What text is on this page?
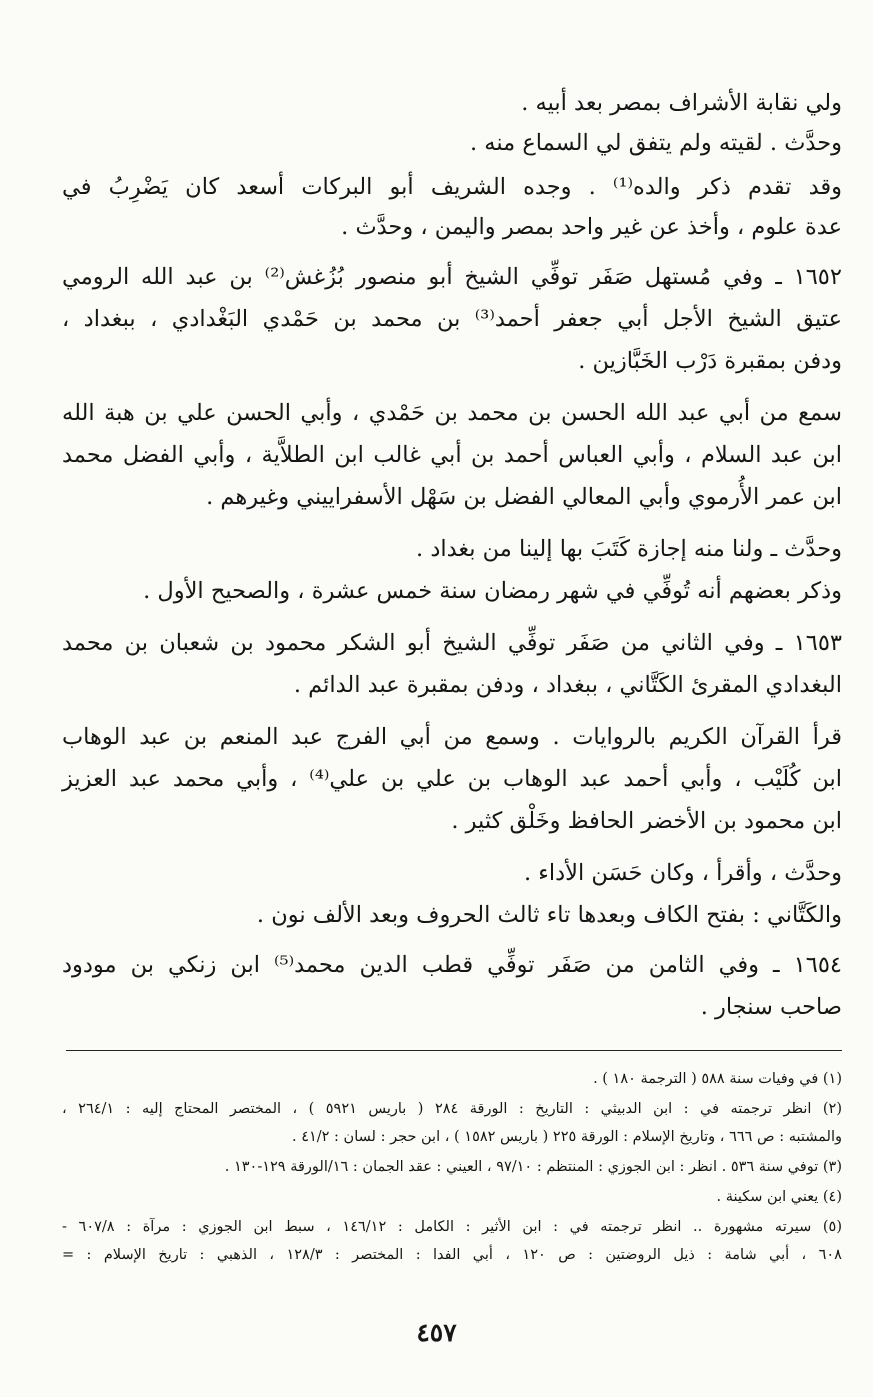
ولي نقابة الأشراف بمصر بعد أبيه .
وحدَّث . لقيته ولم يتفق لي السماع منه .
وقد تقدم ذكر والده⁽¹⁾ . وجده الشريف أبو البركات أسعد كان يَضْرِبُ في
عدة علوم ، وأخذ عن غير واحد بمصر واليمن ، وحدَّث .
١٦٥٢ ـ وفي مُستهل صَفَر توفِّي الشيخ أبو منصور بُزُغش⁽²⁾ بن عبد الله الرومي
عتيق الشيخ الأجل أبي جعفر أحمد⁽³⁾ بن محمد بن حَمْدي البَغْدادي ، ببغداد ،
ودفن بمقبرة دَرْب الخَبَّازين .
سمع من أبي عبد الله الحسن بن محمد بن حَمْدي ، وأبي الحسن علي بن هبة الله
ابن عبد السلام ، وأبي العباس أحمد بن أبي غالب ابن الطلاَّية ، وأبي الفضل محمد
ابن عمر الأُرموي وأبي المعالي الفضل بن سَهْل الأسفراييني وغيرهم .
وحدَّث ـ ولنا منه إجازة كَتَبَ بها إلينا من بغداد .
وذكر بعضهم أنه تُوفِّي في شهر رمضان سنة خمس عشرة ، والصحيح الأول .
١٦٥٣ ـ وفي الثاني من صَفَر توفِّي الشيخ أبو الشكر محمود بن شعبان بن محمد
البغدادي المقرئ الكَتَّاني ، ببغداد ، ودفن بمقبرة عبد الدائم .
قرأ القرآن الكريم بالروايات . وسمع من أبي الفرج عبد المنعم بن عبد الوهاب
ابن كُلَيْب ، وأبي أحمد عبد الوهاب بن علي بن علي⁽⁴⁾ ، وأبي محمد عبد العزيز
ابن محمود بن الأخضر الحافظ وخَلْق كثير .
وحدَّث ، وأقرأ ، وكان حَسَن الأداء .
والكَتَّاني : بفتح الكاف وبعدها تاء ثالث الحروف وبعد الألف نون .
١٦٥٤ ـ وفي الثامن من صَفَر توفِّي قطب الدين محمد⁽⁵⁾ ابن زنكي بن مودود
صاحب سنجار .
(١) في وفيات سنة ٥٨٨ ( الترجمة ١٨٠ ) .
(٢) انظر ترجمته في : ابن الدبيثي : التاريخ : الورقة ٢٨٤ ( باريس ٥٩٢١ ) ، المختصر المحتاج إليه : ٢٦٤/١ ،
والمشتبه : ص ٦٦٦ ، وتاريخ الإسلام : الورقة ٢٢٥ ( باريس ١٥٨٢ ) ، ابن حجر : لسان : ٤١/٢ .
(٣) توفي سنة ٥٣٦ . انظر : ابن الجوزي : المنتظم : ٩٧/١٠ ، العيني : عقد الجمان : ١٦/الورقة ١٢٩-١٣٠ .
(٤) يعني ابن سكينة .
(٥) سيرته مشهورة .. انظر ترجمته في : ابن الأثير : الكامل : ١٤٦/١٢ ، سبط ابن الجوزي : مرآة : ٦٠٧/٨ -
٦٠٨ ، أبي شامة : ذيل الروضتين : ص ١٢٠ ، أبي الفدا : المختصر : ١٢٨/٣ ، الذهبي : تاريخ الإسلام : =
٤٥٧
